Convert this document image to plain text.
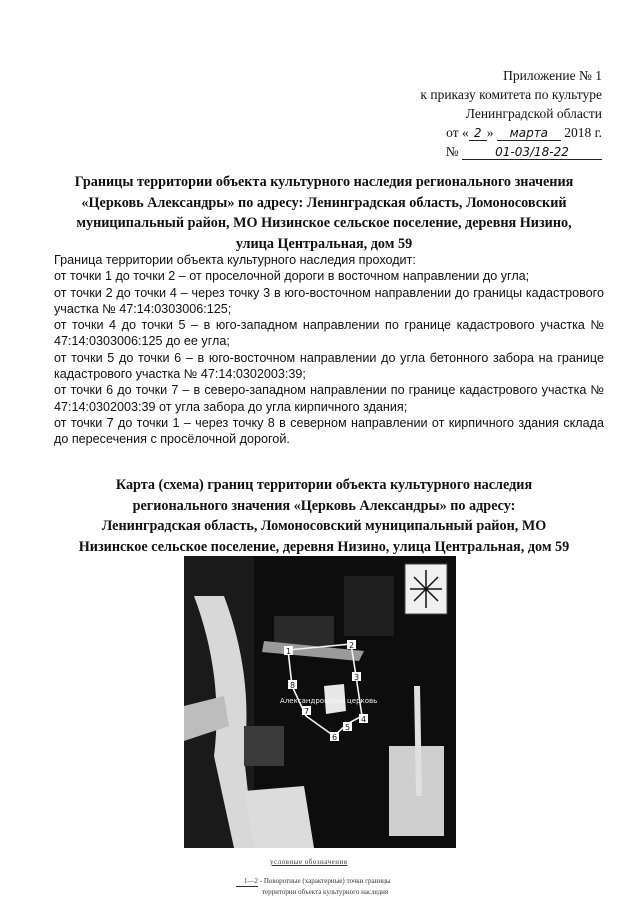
Приложение № 1
к приказу комитета по культуре
Ленинградской области
от « 2 » марта 2018 г.
№	01-03/18-22
Границы территории объекта культурного наследия регионального значения
«Церковь Александры» по адресу: Ленинградская область, Ломоносовский
муниципальный район, МО Низинское сельское поселение, деревня Низино,
улица Центральная, дом 59

Граница территории объекта культурного наследия проходит:

от точки 1 до точки 2 – от проселочной дороги в восточном направлении до угла;

от точки 2 до точки 4 – через точку 3 в юго-восточном направлении до границы кадастрового участка № 47:14:0303006:125;

от точки 4 до точки 5 – в юго-западном направлении по границе кадастрового участка № 47:14:0303006:125 до ее угла;

от точки 5 до точки 6 – в юго-восточном направлении до угла бетонного забора на границе кадастрового участка № 47:14:0302003:39;

от точки 6 до точки 7 – в северо-западном направлении по границе кадастрового участка № 47:14:0302003:39 от угла забора до угла кирпичного здания;

от точки 7 до точки 1 – через точку 8 в северном направлении от кирпичного здания склада до пересечения с просёлочной дорогой.

Карта (схема) границ территории объекта культурного наследия
регионального значения «Церковь Александры» по адресу:
Ленинградская область, Ломоносовский муниципальный район, МО
Низинское сельское поселение, деревня Низино, улица Центральная, дом 59
1
2
3
4
5
6
7
8
Александровская церковь
условные обозначения
1—2 - Поворотные (характерные) точки границы
территории объекта культурного наследия
